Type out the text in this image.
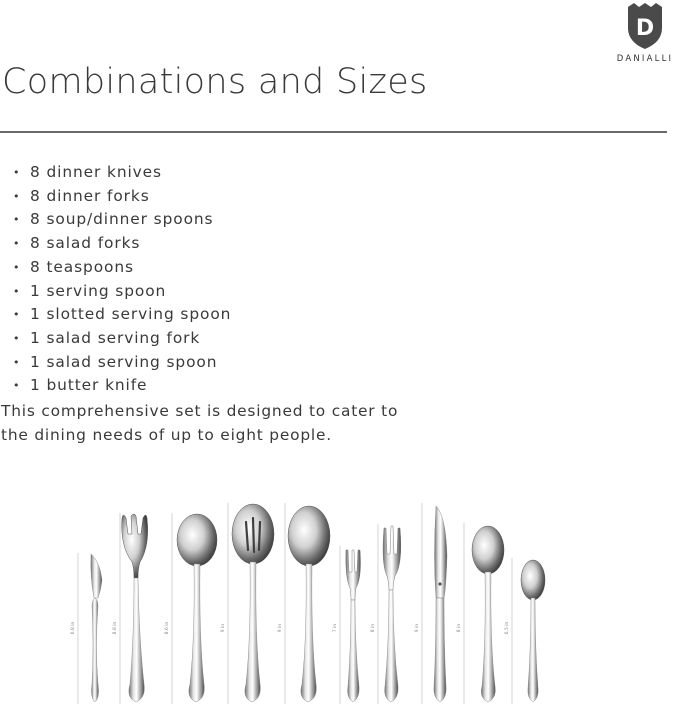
D
DANIALLI
Combinations and Sizes
• 8 dinner knives
• 8 dinner forks
• 8 soup/dinner spoons
• 8 salad forks
• 8 teaspoons
• 1 serving spoon
• 1 slotted serving spoon
• 1 salad serving fork
• 1 salad serving spoon
• 1 butter knife

This comprehensive set is designed to cater to the dining needs of up to eight people.

6.8 in	8.8 in	8.6 in	9 in	9 in	7 in	8 in	9 in	8 in	6.5 in
